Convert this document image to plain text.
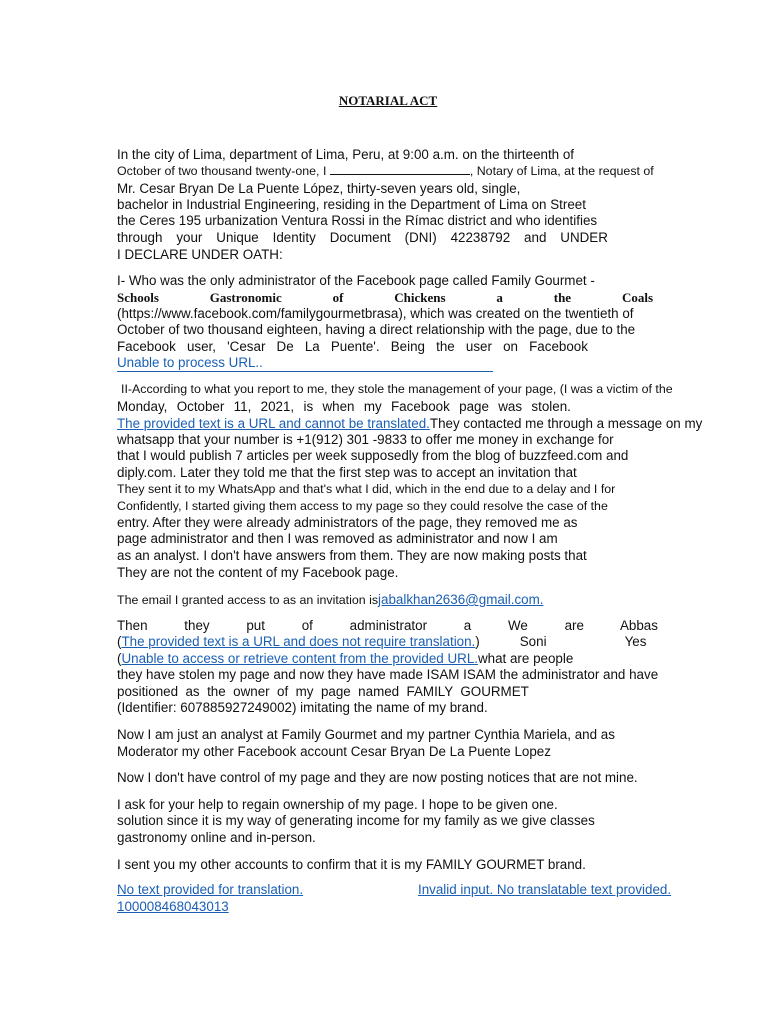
NOTARIAL ACT
In the city of Lima, department of Lima, Peru, at 9:00 a.m. on the thirteenth of
October of two thousand twenty-one, I	, Notary of Lima, at the request of
Mr. Cesar Bryan De La Puente López, thirty-seven years old, single,
bachelor in Industrial Engineering, residing in the Department of Lima on Street
the Ceres 195 urbanization Ventura Rossi in the Rímac district and who identifies
through your Unique Identity Document (DNI) 42238792 and UNDER
I DECLARE UNDER OATH:
I- Who was the only administrator of the Facebook page called Family Gourmet -
Schools	Gastronomic	of	Chickens	a	the	Coals
(https://www.facebook.com/familygourmetbrasa), which was created on the twentieth of
October of two thousand eighteen, having a direct relationship with the page, due to the
Facebook user, 'Cesar De La Puente'. Being the user on Facebook
Unable to process URL..
II-According to what you report to me, they stole the management of your page, (I was a victim of the
Monday, October 11, 2021, is when my Facebook page was stolen.
The provided text is a URL and cannot be translated.They contacted me through a message on my
whatsapp that your number is +1(912) 301 -9833 to offer me money in exchange for
that I would publish 7 articles per week supposedly from the blog of buzzfeed.com and
diply.com. Later they told me that the first step was to accept an invitation that
They sent it to my WhatsApp and that's what I did, which in the end due to a delay and I for
Confidently, I started giving them access to my page so they could resolve the case of the
entry. After they were already administrators of the page, they removed me as
page administrator and then I was removed as administrator and now I am
as an analyst. I don't have answers from them. They are now making posts that
They are not the content of my Facebook page.
The email I granted access to as an invitation isjabalkhan2636@gmail.com.
Then	they put	of	administrator	a	We are	Abbas
(The provided text is a URL and does not require translation.)	Soni	Yes
(Unable to access or retrieve content from the provided URL.what are people
they have stolen my page and now they have made ISAM ISAM the administrator and have
positioned  as  the  owner  of  my  page  named  FAMILY  GOURMET
(Identifier: 607885927249002) imitating the name of my brand.
Now I am just an analyst at Family Gourmet and my partner Cynthia Mariela, and as
Moderator my other Facebook account Cesar Bryan De La Puente Lopez
Now I don't have control of my page and they are now posting notices that are not mine.
I ask for your help to regain ownership of my page. I hope to be given one.
solution since it is my way of generating income for my family as we give classes
gastronomy online and in-person.
I sent you my other accounts to confirm that it is my FAMILY GOURMET brand.
No text provided for translation.	Invalid input. No translatable text provided.
100008468043013
